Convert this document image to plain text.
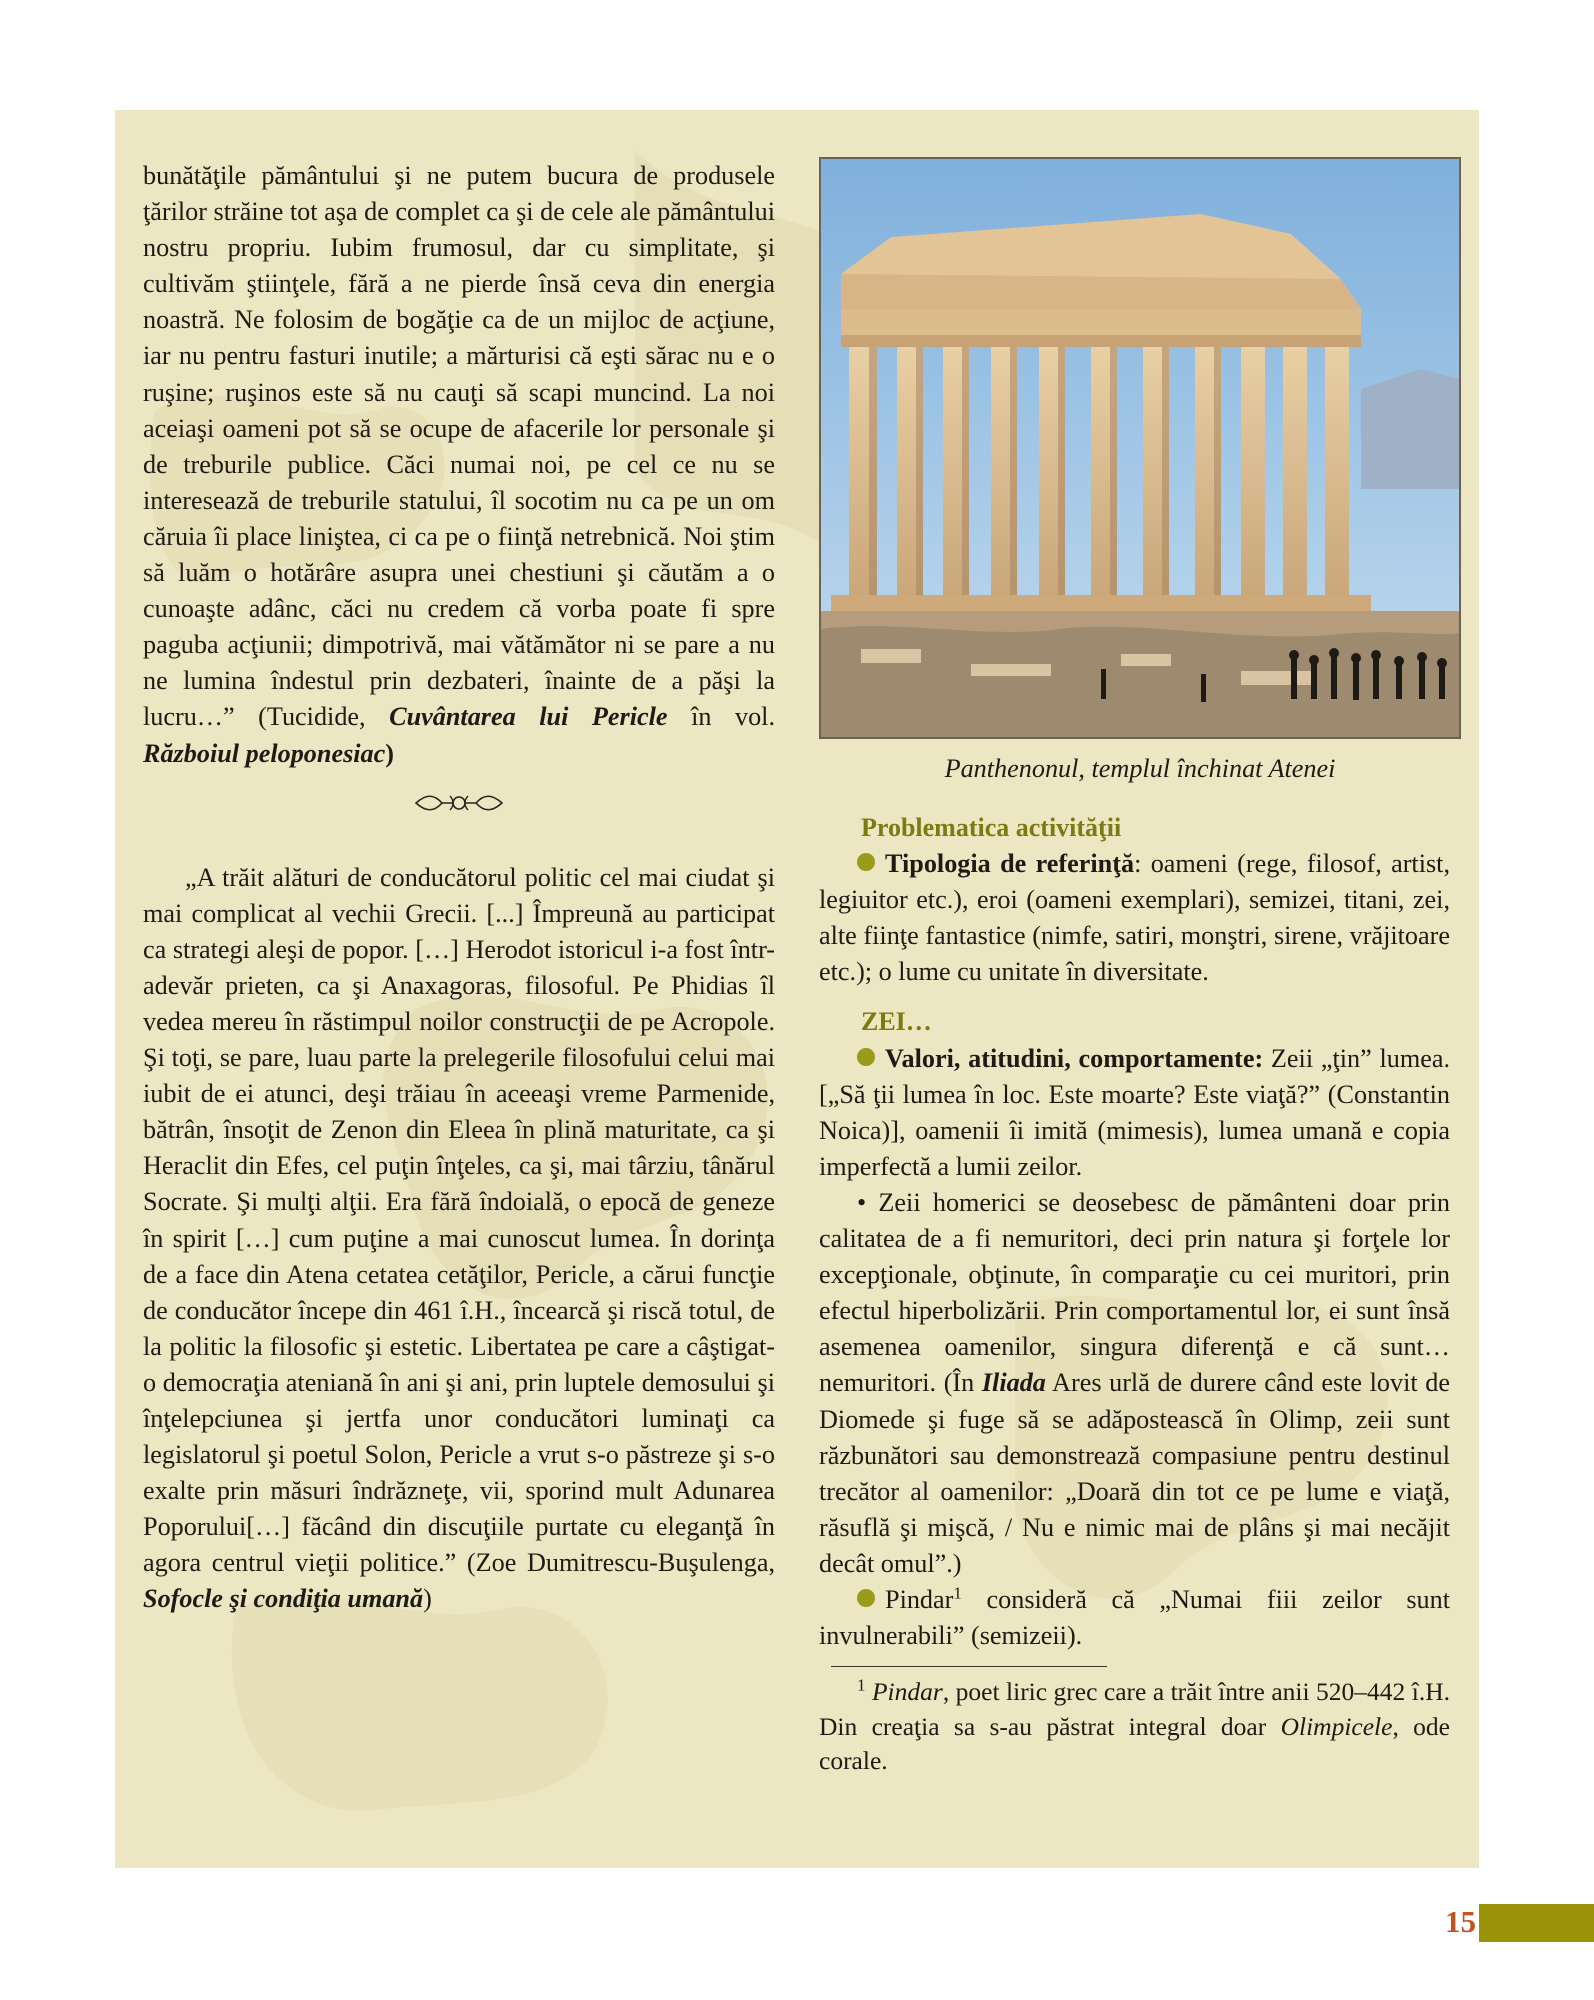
bunătăţile pământului şi ne putem bucura de produsele ţărilor străine tot aşa de complet ca şi de cele ale pământului nostru propriu. Iubim frumosul, dar cu simplitate, şi cultivăm ştiinţele, fără a ne pierde însă ceva din energia noastră. Ne folosim de bogăţie ca de un mijloc de acţiune, iar nu pentru fasturi inutile; a mărturisi că eşti sărac nu e o ruşine; ruşinos este să nu cauţi să scapi muncind. La noi aceiaşi oameni pot să se ocupe de afacerile lor personale şi de treburile publice. Căci numai noi, pe cel ce nu se interesează de treburile statului, îl socotim nu ca pe un om căruia îi place liniştea, ci ca pe o fiinţă netrebnică. Noi ştim să luăm o hotărâre asupra unei chestiuni şi căutăm a o cunoaşte adânc, căci nu credem că vorba poate fi spre paguba acţiunii; dimpotrivă, mai vătămător ni se pare a nu ne lumina îndestul prin dezbateri, înainte de a păşi la lucru…” (Tucidide, Cuvântarea lui Pericle în vol. Războiul peloponesiac)

„A trăit alături de conducătorul politic cel mai ciudat şi mai complicat al vechii Grecii. [...] Împreună au participat ca strategi aleşi de popor. […] Herodot istoricul i-a fost într-adevăr prieten, ca şi Anaxagoras, filosoful. Pe Phidias îl vedea mereu în răstimpul noilor construcţii de pe Acropole. Şi toţi, se pare, luau parte la prelegerile filosofului celui mai iubit de ei atunci, deşi trăiau în aceeaşi vreme Parmenide, bătrân, însoţit de Zenon din Eleea în plină maturitate, ca şi Heraclit din Efes, cel puţin înţeles, ca şi, mai târziu, tânărul Socrate. Şi mulţi alţii. Era fără îndoială, o epocă de geneze în spirit […] cum puţine a mai cunoscut lumea. În dorinţa de a face din Atena cetatea cetăţilor, Pericle, a cărui funcţie de conducător începe din 461 î.H., încearcă şi riscă totul, de la politic la filosofic şi estetic. Libertatea pe care a câştigat-o democraţia ateniană în ani şi ani, prin luptele demosului şi înţelepciunea şi jertfa unor conducători luminaţi ca legislatorul şi poetul Solon, Pericle a vrut s-o păstreze şi s-o exalte prin măsuri îndrăzneţe, vii, sporind mult Adunarea Poporului[…] făcând din discuţiile purtate cu eleganţă în agora centrul vieţii politice.” (Zoe Dumitrescu-Buşulenga, Sofocle şi condiţia umană)

Panthenonul, templul închinat Atenei

Problematica activităţii

Tipologia de referinţă: oameni (rege, filosof, artist, legiuitor etc.), eroi (oameni exemplari), semizei, titani, zei, alte fiinţe fantastice (nimfe, satiri, monştri, sirene, vrăjitoare etc.); o lume cu unitate în diversitate.

ZEI…

Valori, atitudini, comportamente: Zeii „ţin” lumea. [„Să ţii lumea în loc. Este moarte? Este viaţă?” (Constantin Noica)], oamenii îi imită (mimesis), lumea umană e copia imperfectă a lumii zeilor.

• Zeii homerici se deosebesc de pământeni doar prin calitatea de a fi nemuritori, deci prin natura şi forţele lor excepţionale, obţinute, în comparaţie cu cei muritori, prin efectul hiperbolizării. Prin comportamentul lor, ei sunt însă asemenea oamenilor, singura diferenţă e că sunt… nemuritori. (În Iliada Ares urlă de durere când este lovit de Diomede şi fuge să se adăpostească în Olimp, zeii sunt răzbunători sau demonstrează compasiune pentru destinul trecător al oamenilor: „Doară din tot ce pe lume e viaţă, răsuflă şi mişcă, / Nu e nimic mai de plâns şi mai necăjit decât omul”.)

Pindar$^1$ consideră că „Numai fiii zeilor sunt invulnerabili” (semizeii).

$^1$ Pindar, poet liric grec care a trăit între anii 520–442 î.H. Din creaţia sa s-au păstrat integral doar Olimpicele, ode corale.

15
